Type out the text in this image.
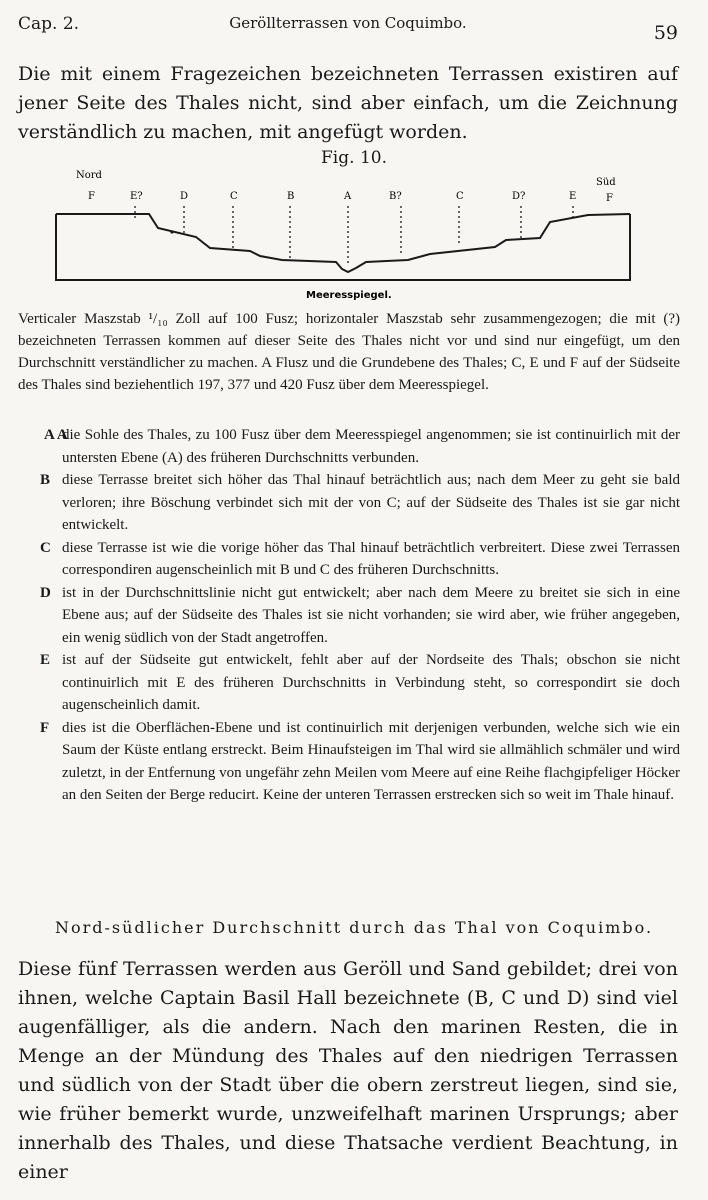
Cap. 2.	Geröllterrassen von Coquimbo.	59

Die mit einem Fragezeichen bezeichneten Terrassen existiren auf jener Seite des Thales nicht, sind aber einfach, um die Zeichnung verständlich zu machen, mit angefügt worden.

Fig. 10.
Nord
Süd
F	E?	D	C	B	A	B?	C	D?	E	F
Meeresspiegel.

Verticaler Maszstab ¹/₁₀ Zoll auf 100 Fusz; horizontaler Maszstab sehr zusammengezogen; die mit (?) bezeichneten Terrassen kommen auf dieser Seite des Thales nicht vor und sind nur eingefügt, um den Durchschnitt verständlicher zu machen. A Flusz und die Grundebene des Thales; C, E und F auf der Südseite des Thales sind beziehentlich 197, 377 und 420 Fusz über dem Meeresspiegel.

A A
die Sohle des Thales, zu 100 Fusz über dem Meeresspiegel angenommen; sie ist continuirlich mit der untersten Ebene (A) des früheren Durchschnitts verbunden.

B diese Terrasse breitet sich höher das Thal hinauf beträchtlich aus; nach dem Meer zu geht sie bald verloren; ihre Böschung verbindet sich mit der von C; auf der Südseite des Thales ist sie gar nicht entwickelt.

C diese Terrasse ist wie die vorige höher das Thal hinauf beträchtlich verbreitert. Diese zwei Terrassen correspondiren augenscheinlich mit B und C des früheren Durchschnitts.

D ist in der Durchschnittslinie nicht gut entwickelt; aber nach dem Meere zu breitet sie sich in eine Ebene aus; auf der Südseite des Thales ist sie nicht vorhanden; sie wird aber, wie früher angegeben, ein wenig südlich von der Stadt angetroffen.

E ist auf der Südseite gut entwickelt, fehlt aber auf der Nordseite des Thals; obschon sie nicht continuirlich mit E des früheren Durchschnitts in Verbindung steht, so correspondirt sie doch augenscheinlich damit.

F dies ist die Oberflächen-Ebene und ist continuirlich mit derjenigen verbunden, welche sich wie ein Saum der Küste entlang erstreckt. Beim Hinaufsteigen im Thal wird sie allmählich schmäler und wird zuletzt, in der Entfernung von ungefähr zehn Meilen vom Meere auf eine Reihe flachgipfeliger Höcker an den Seiten der Berge reducirt. Keine der unteren Terrassen erstrecken sich so weit im Thale hinauf.

Nord-südlicher Durchschnitt durch das Thal von Coquimbo.

Diese fünf Terrassen werden aus Geröll und Sand gebildet; drei von ihnen, welche Captain Basil Hall bezeichnete (B, C und D) sind viel augenfälliger, als die andern. Nach den marinen Resten, die in Menge an der Mündung des Thales auf den niedrigen Terrassen und südlich von der Stadt über die obern zerstreut liegen, sind sie, wie früher bemerkt wurde, unzweifelhaft marinen Ursprungs; aber innerhalb des Thales, und diese Thatsache verdient Beachtung, in einer
